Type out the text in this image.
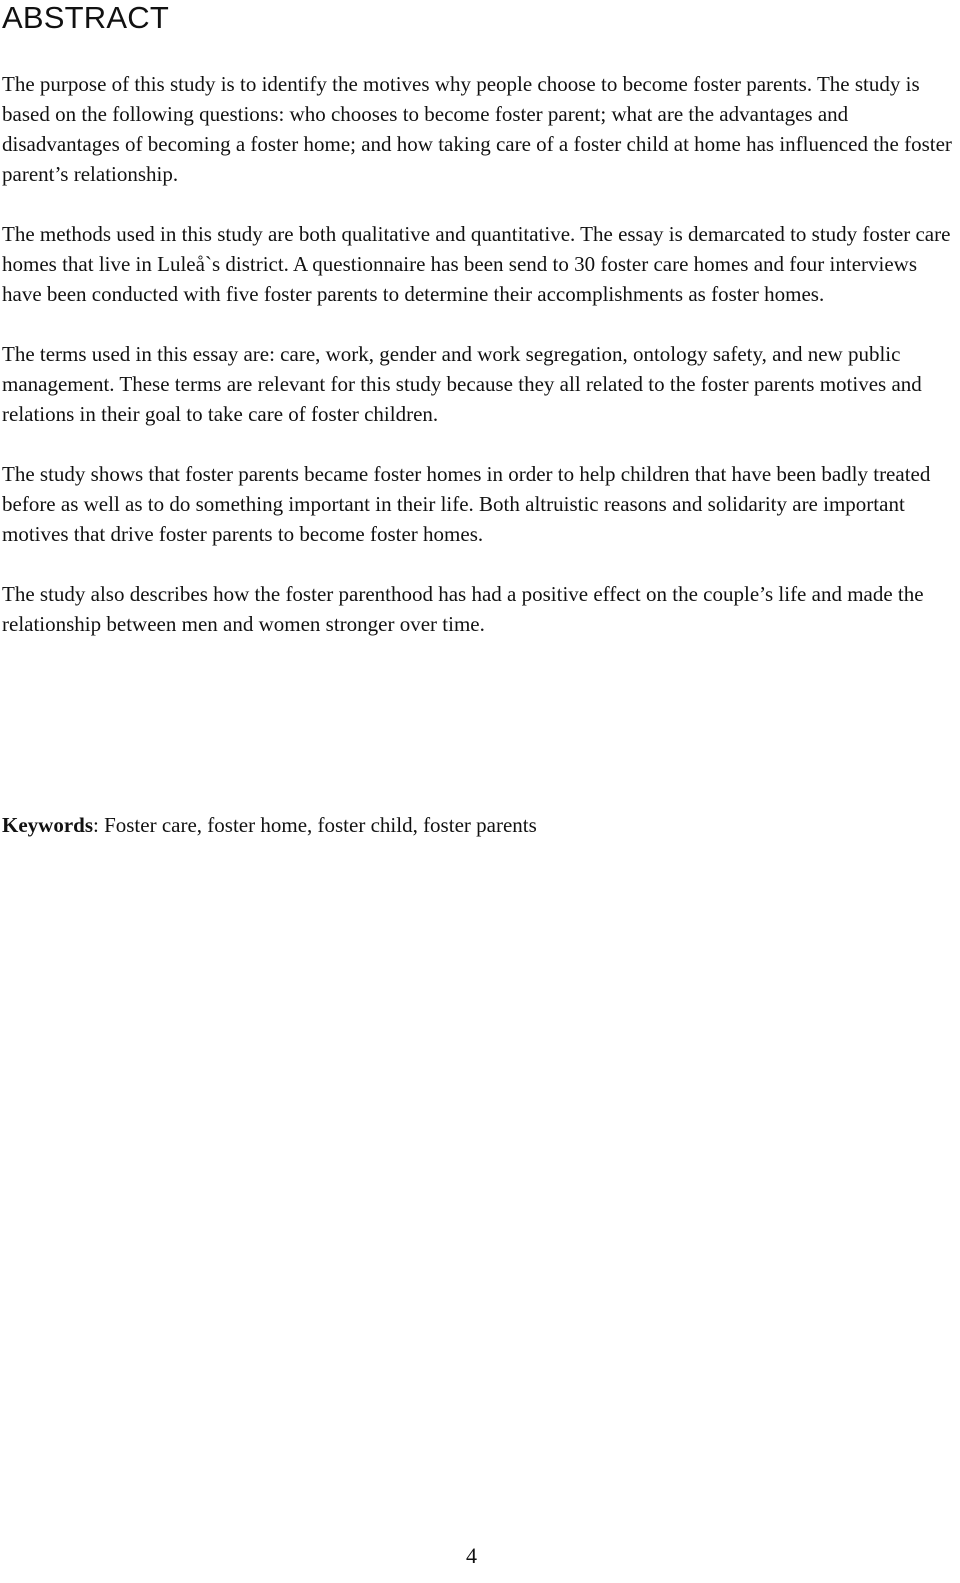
ABSTRACT

The purpose of this study is to identify the motives why people choose to become foster parents. The study is based on the following questions: who chooses to become foster parent; what are the advantages and disadvantages of becoming a foster home; and how taking care of a foster child at home has influenced the foster parent’s relationship.

The methods used in this study are both qualitative and quantitative. The essay is demarcated to study foster care homes that live in Luleå`s district. A questionnaire has been send to 30 foster care homes and four interviews have been conducted with five foster parents to determine their accomplishments as foster homes.

The terms used in this essay are: care, work, gender and work segregation, ontology safety, and new public management. These terms are relevant for this study because they all related to the foster parents motives and relations in their goal to take care of foster children.

The study shows that foster parents became foster homes in order to help children that have been badly treated before as well as to do something important in their life. Both altruistic reasons and solidarity are important motives that drive foster parents to become foster homes.

The study also describes how the foster parenthood has had a positive effect on the couple’s life and made the relationship between men and women stronger over time.

Keywords: Foster care, foster home, foster child, foster parents

4
